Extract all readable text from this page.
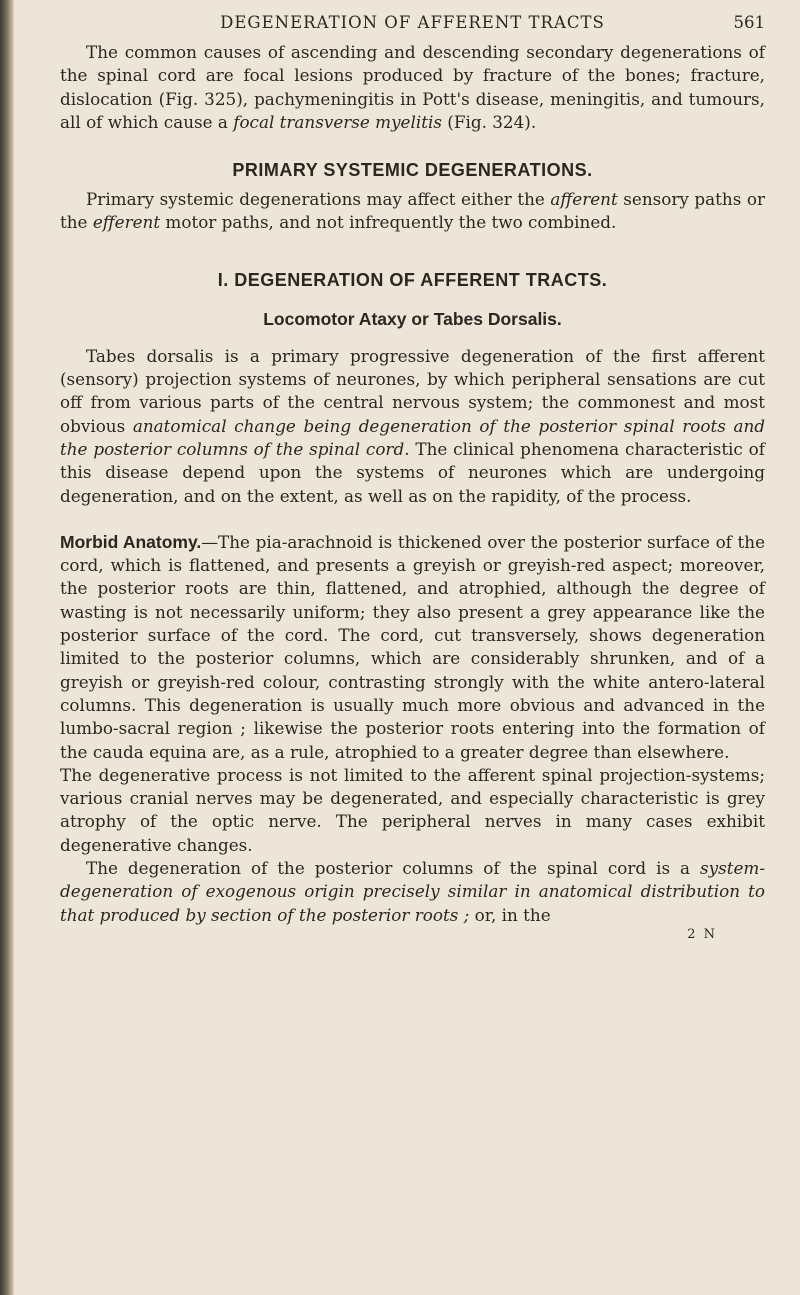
DEGENERATION OF AFFERENT TRACTS	561

The common causes of ascending and descending secondary degenerations of the spinal cord are focal lesions produced by fracture of the bones; fracture, dislocation (Fig. 325), pachymeningitis in Pott's disease, meningitis, and tumours, all of which cause a focal transverse myelitis (Fig. 324).

PRIMARY SYSTEMIC DEGENERATIONS.

Primary systemic degenerations may affect either the afferent sensory paths or the efferent motor paths, and not infrequently the two combined.

I. DEGENERATION OF AFFERENT TRACTS.
Locomotor Ataxy or Tabes Dorsalis.

Tabes dorsalis is a primary progressive degeneration of the first afferent (sensory) projection systems of neurones, by which peripheral sensations are cut off from various parts of the central nervous system; the commonest and most obvious anatomical change being degeneration of the posterior spinal roots and the posterior columns of the spinal cord. The clinical phenomena characteristic of this disease depend upon the systems of neurones which are undergoing degeneration, and on the extent, as well as on the rapidity, of the process.

Morbid Anatomy.—The pia-arachnoid is thickened over the posterior surface of the cord, which is flattened, and presents a greyish or greyish-red aspect; moreover, the posterior roots are thin, flattened, and atrophied, although the degree of wasting is not necessarily uniform; they also present a grey appearance like the posterior surface of the cord. The cord, cut transversely, shows degeneration limited to the posterior columns, which are considerably shrunken, and of a greyish or greyish-red colour, contrasting strongly with the white antero-lateral columns. This degeneration is usually much more obvious and advanced in the lumbo-sacral region ; likewise the posterior roots entering into the formation of the cauda equina are, as a rule, atrophied to a greater degree than elsewhere.

The degenerative process is not limited to the afferent spinal projection-systems; various cranial nerves may be degenerated, and especially characteristic is grey atrophy of the optic nerve. The peripheral nerves in many cases exhibit degenerative changes.

The degeneration of the posterior columns of the spinal cord is a system-degeneration of exogenous origin precisely similar in anatomical distribution to that produced by section of the posterior roots ; or, in the

2 N
